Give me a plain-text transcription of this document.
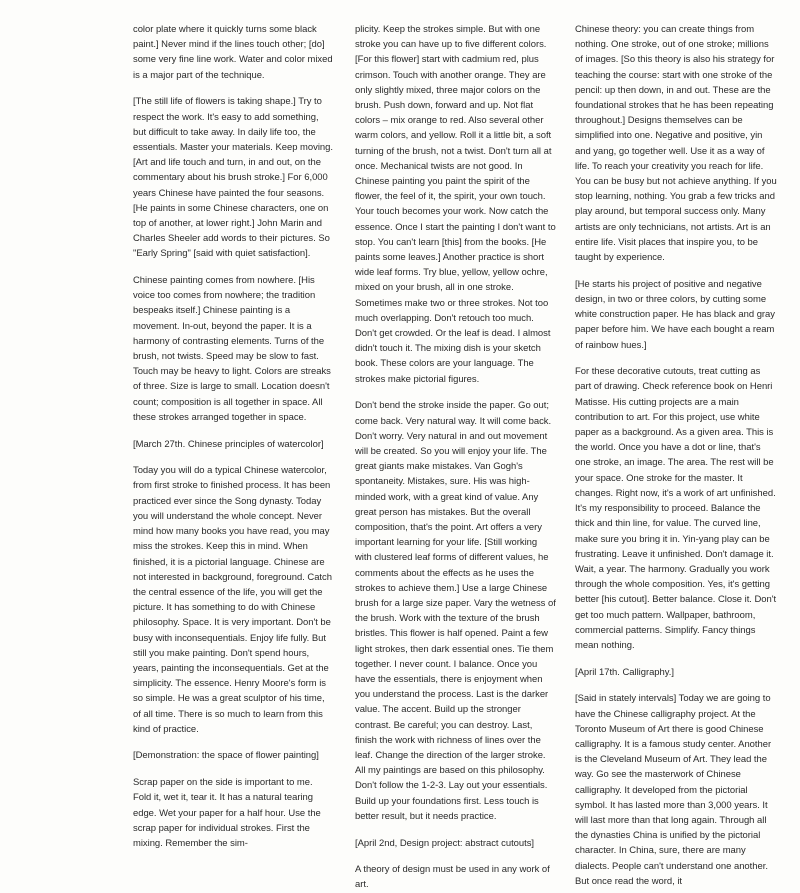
color plate where it quickly turns some black paint.] Never mind if the lines touch other; [do] some very fine line work. Water and color mixed is a major part of the technique.

[The still life of flowers is taking shape.] Try to respect the work. It's easy to add something, but difficult to take away. In daily life too, the essentials. Master your materials. Keep moving. [Art and life touch and turn, in and out, on the commentary about his brush stroke.] For 6,000 years Chinese have painted the four seasons. [He paints in some Chinese characters, one on top of another, at lower right.] John Marin and Charles Sheeler add words to their pictures. So "Early Spring" [said with quiet satisfaction].

Chinese painting comes from nowhere. [His voice too comes from nowhere; the tradition bespeaks itself.] Chinese painting is a movement. In-out, beyond the paper. It is a harmony of contrasting elements. Turns of the brush, not twists. Speed may be slow to fast. Touch may be heavy to light. Colors are streaks of three. Size is large to small. Location doesn't count; composition is all together in space. All these strokes arranged together in space.

[March 27th. Chinese principles of watercolor]

Today you will do a typical Chinese watercolor, from first stroke to finished process. It has been practiced ever since the Song dynasty. Today you will understand the whole concept. Never mind how many books you have read, you may miss the strokes. Keep this in mind. When finished, it is a pictorial language. Chinese are not interested in background, foreground. Catch the central essence of the life, you will get the picture. It has something to do with Chinese philosophy. Space. It is very important. Don't be busy with inconsequentials. Enjoy life fully. But still you make painting. Don't spend hours, years, painting the inconsequentials. Get at the simplicity. The essence. Henry Moore's form is so simple. He was a great sculptor of his time, of all time. There is so much to learn from this kind of practice.

[Demonstration: the space of flower painting]

Scrap paper on the side is important to me. Fold it, wet it, tear it. It has a natural tearing edge. Wet your paper for a half hour. Use the scrap paper for individual strokes. First the mixing. Remember the sim-

plicity. Keep the strokes simple. But with one stroke you can have up to five different colors. [For this flower] start with cadmium red, plus crimson. Touch with another orange. They are only slightly mixed, three major colors on the brush. Push down, forward and up. Not flat colors – mix orange to red. Also several other warm colors, and yellow. Roll it a little bit, a soft turning of the brush, not a twist. Don't turn all at once. Mechanical twists are not good. In Chinese painting you paint the spirit of the flower, the feel of it, the spirit, your own touch. Your touch becomes your work. Now catch the essence. Once I start the painting I don't want to stop. You can't learn [this] from the books. [He paints some leaves.] Another practice is short wide leaf forms. Try blue, yellow, yellow ochre, mixed on your brush, all in one stroke. Sometimes make two or three strokes. Not too much overlapping. Don't retouch too much. Don't get crowded. Or the leaf is dead. I almost didn't touch it. The mixing dish is your sketch book. These colors are your language. The strokes make pictorial figures.

Don't bend the stroke inside the paper. Go out; come back. Very natural way. It will come back. Don't worry. Very natural in and out movement will be created. So you will enjoy your life. The great giants make mistakes. Van Gogh's spontaneity. Mistakes, sure. His was high-minded work, with a great kind of value. Any great person has mistakes. But the overall composition, that's the point. Art offers a very important learning for your life. [Still working with clustered leaf forms of different values, he comments about the effects as he uses the strokes to achieve them.] Use a large Chinese brush for a large size paper. Vary the wetness of the brush. Work with the texture of the brush bristles. This flower is half opened. Paint a few light strokes, then dark essential ones. Tie them together. I never count. I balance. Once you have the essentials, there is enjoyment when you understand the process. Last is the darker value. The accent. Build up the stronger contrast. Be careful; you can destroy. Last, finish the work with richness of lines over the leaf. Change the direction of the larger stroke. All my paintings are based on this philosophy. Don't follow the 1-2-3. Lay out your essentials. Build up your foundations first. Less touch is better result, but it needs practice.

[April 2nd, Design project: abstract cutouts]

A theory of design must be used in any work of art.

Chinese theory: you can create things from nothing. One stroke, out of one stroke; millions of images. [So this theory is also his strategy for teaching the course: start with one stroke of the pencil: up then down, in and out. These are the foundational strokes that he has been repeating throughout.] Designs themselves can be simplified into one. Negative and positive, yin and yang, go together well. Use it as a way of life. To reach your creativity you reach for life. You can be busy but not achieve anything. If you stop learning, nothing. You grab a few tricks and play around, but temporal success only. Many artists are only technicians, not artists. Art is an entire life. Visit places that inspire you, to be taught by experience.

[He starts his project of positive and negative design, in two or three colors, by cutting some white construction paper. He has black and gray paper before him. We have each bought a ream of rainbow hues.]

For these decorative cutouts, treat cutting as part of drawing. Check reference book on Henri Matisse. His cutting projects are a main contribution to art. For this project, use white paper as a background. As a given area. This is the world. Once you have a dot or line, that's one stroke, an image. The area. The rest will be your space. One stroke for the master. It changes. Right now, it's a work of art unfinished. It's my responsibility to proceed. Balance the thick and thin line, for value. The curved line, make sure you bring it in. Yin-yang play can be frustrating. Leave it unfinished. Don't damage it. Wait, a year. The harmony. Gradually you work through the whole composition. Yes, it's getting better [his cutout]. Better balance. Close it. Don't get too much pattern. Wallpaper, bathroom, commercial patterns. Simplify. Fancy things mean nothing.

[April 17th. Calligraphy.]

[Said in stately intervals] Today we are going to have the Chinese calligraphy project. At the Toronto Museum of Art there is good Chinese calligraphy. It is a famous study center. Another is the Cleveland Museum of Art. They lead the way. Go see the masterwork of Chinese calligraphy. It developed from the pictorial symbol. It has lasted more than 3,000 years. It will last more than that long again. Through all the dynasties China is unified by the pictorial character. In China, sure, there are many dialects. People can't understand one another. But once read the word, it
